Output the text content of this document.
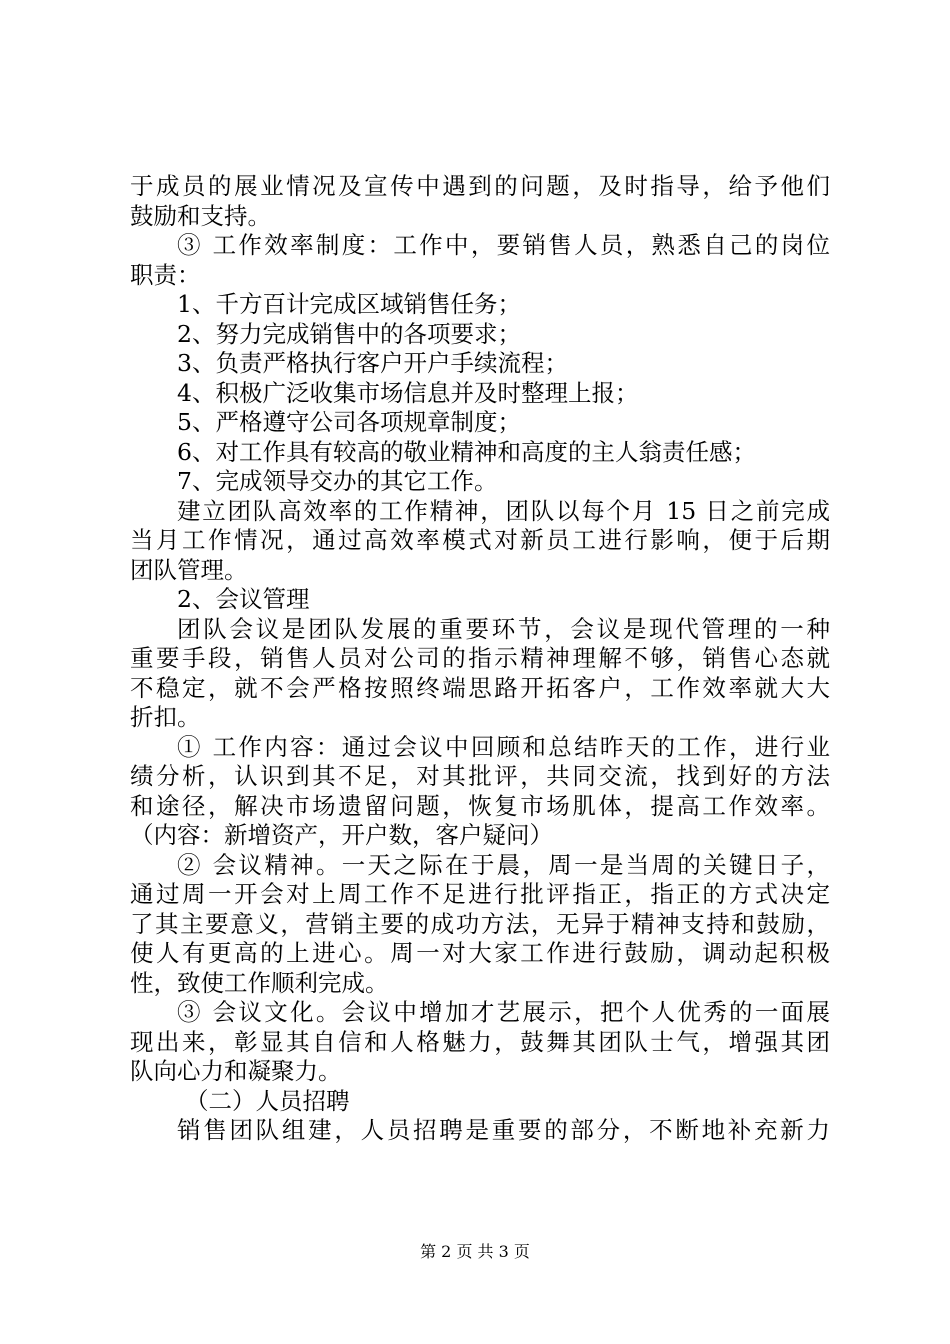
于成员的展业情况及宣传中遇到的问题，及时指导，给予他们
鼓励和支持。
③ 工作效率制度：工作中，要销售人员，熟悉自己的岗位
职责：
1、千方百计完成区域销售任务；
2、努力完成销售中的各项要求；
3、负责严格执行客户开户手续流程；
4、积极广泛收集市场信息并及时整理上报；
5、严格遵守公司各项规章制度；
6、对工作具有较高的敬业精神和高度的主人翁责任感；
7、完成领导交办的其它工作。
建立团队高效率的工作精神，团队以每个月 15 日之前完成
当月工作情况，通过高效率模式对新员工进行影响，便于后期
团队管理。
2、会议管理
团队会议是团队发展的重要环节，会议是现代管理的一种
重要手段，销售人员对公司的指示精神理解不够，销售心态就
不稳定，就不会严格按照终端思路开拓客户，工作效率就大大
折扣。
① 工作内容：通过会议中回顾和总结昨天的工作，进行业
绩分析，认识到其不足，对其批评，共同交流，找到好的方法
和途径，解决市场遗留问题，恢复市场肌体，提高工作效率。
（内容：新增资产，开户数，客户疑问）
② 会议精神。一天之际在于晨，周一是当周的关键日子，
通过周一开会对上周工作不足进行批评指正，指正的方式决定
了其主要意义，营销主要的成功方法，无异于精神支持和鼓励，
使人有更高的上进心。周一对大家工作进行鼓励，调动起积极
性，致使工作顺利完成。
③ 会议文化。会议中增加才艺展示，把个人优秀的一面展
现出来，彰显其自信和人格魅力，鼓舞其团队士气，增强其团
队向心力和凝聚力。
（二）人员招聘
销售团队组建，人员招聘是重要的部分，不断地补充新力
第 2 页 共 3 页
